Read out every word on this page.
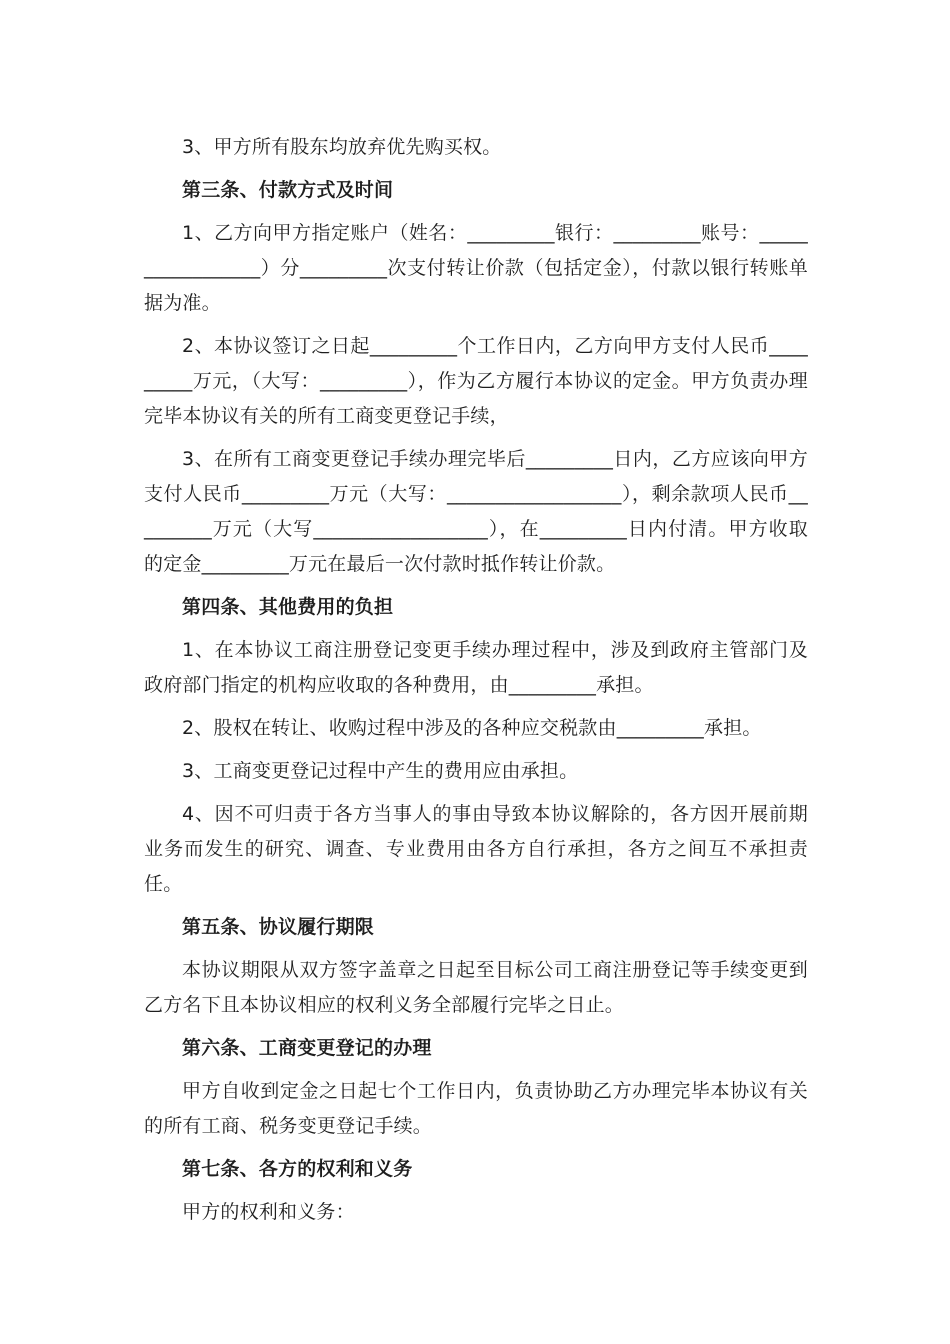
3、甲方所有股东均放弃优先购买权。

第三条、付款方式及时间

1、乙方向甲方指定账户（姓名：_________银行：_________账号：_________________）分_________次支付转让价款（包括定金），付款以银行转账单据为准。

2、本协议签订之日起_________个工作日内，乙方向甲方支付人民币_________万元，（大写：_________），作为乙方履行本协议的定金。甲方负责办理完毕本协议有关的所有工商变更登记手续，

3、在所有工商变更登记手续办理完毕后_________日内，乙方应该向甲方支付人民币_________万元（大写：__________________），剩余款项人民币_________万元（大写__________________），在_________日内付清。甲方收取的定金_________万元在最后一次付款时抵作转让价款。

第四条、其他费用的负担

1、在本协议工商注册登记变更手续办理过程中，涉及到政府主管部门及政府部门指定的机构应收取的各种费用，由_________承担。

2、股权在转让、收购过程中涉及的各种应交税款由_________承担。

3、工商变更登记过程中产生的费用应由承担。

4、因不可归责于各方当事人的事由导致本协议解除的，各方因开展前期业务而发生的研究、调查、专业费用由各方自行承担，各方之间互不承担责任。

第五条、协议履行期限

本协议期限从双方签字盖章之日起至目标公司工商注册登记等手续变更到乙方名下且本协议相应的权利义务全部履行完毕之日止。

第六条、工商变更登记的办理

甲方自收到定金之日起七个工作日内，负责协助乙方办理完毕本协议有关的所有工商、税务变更登记手续。

第七条、各方的权利和义务

甲方的权利和义务：
